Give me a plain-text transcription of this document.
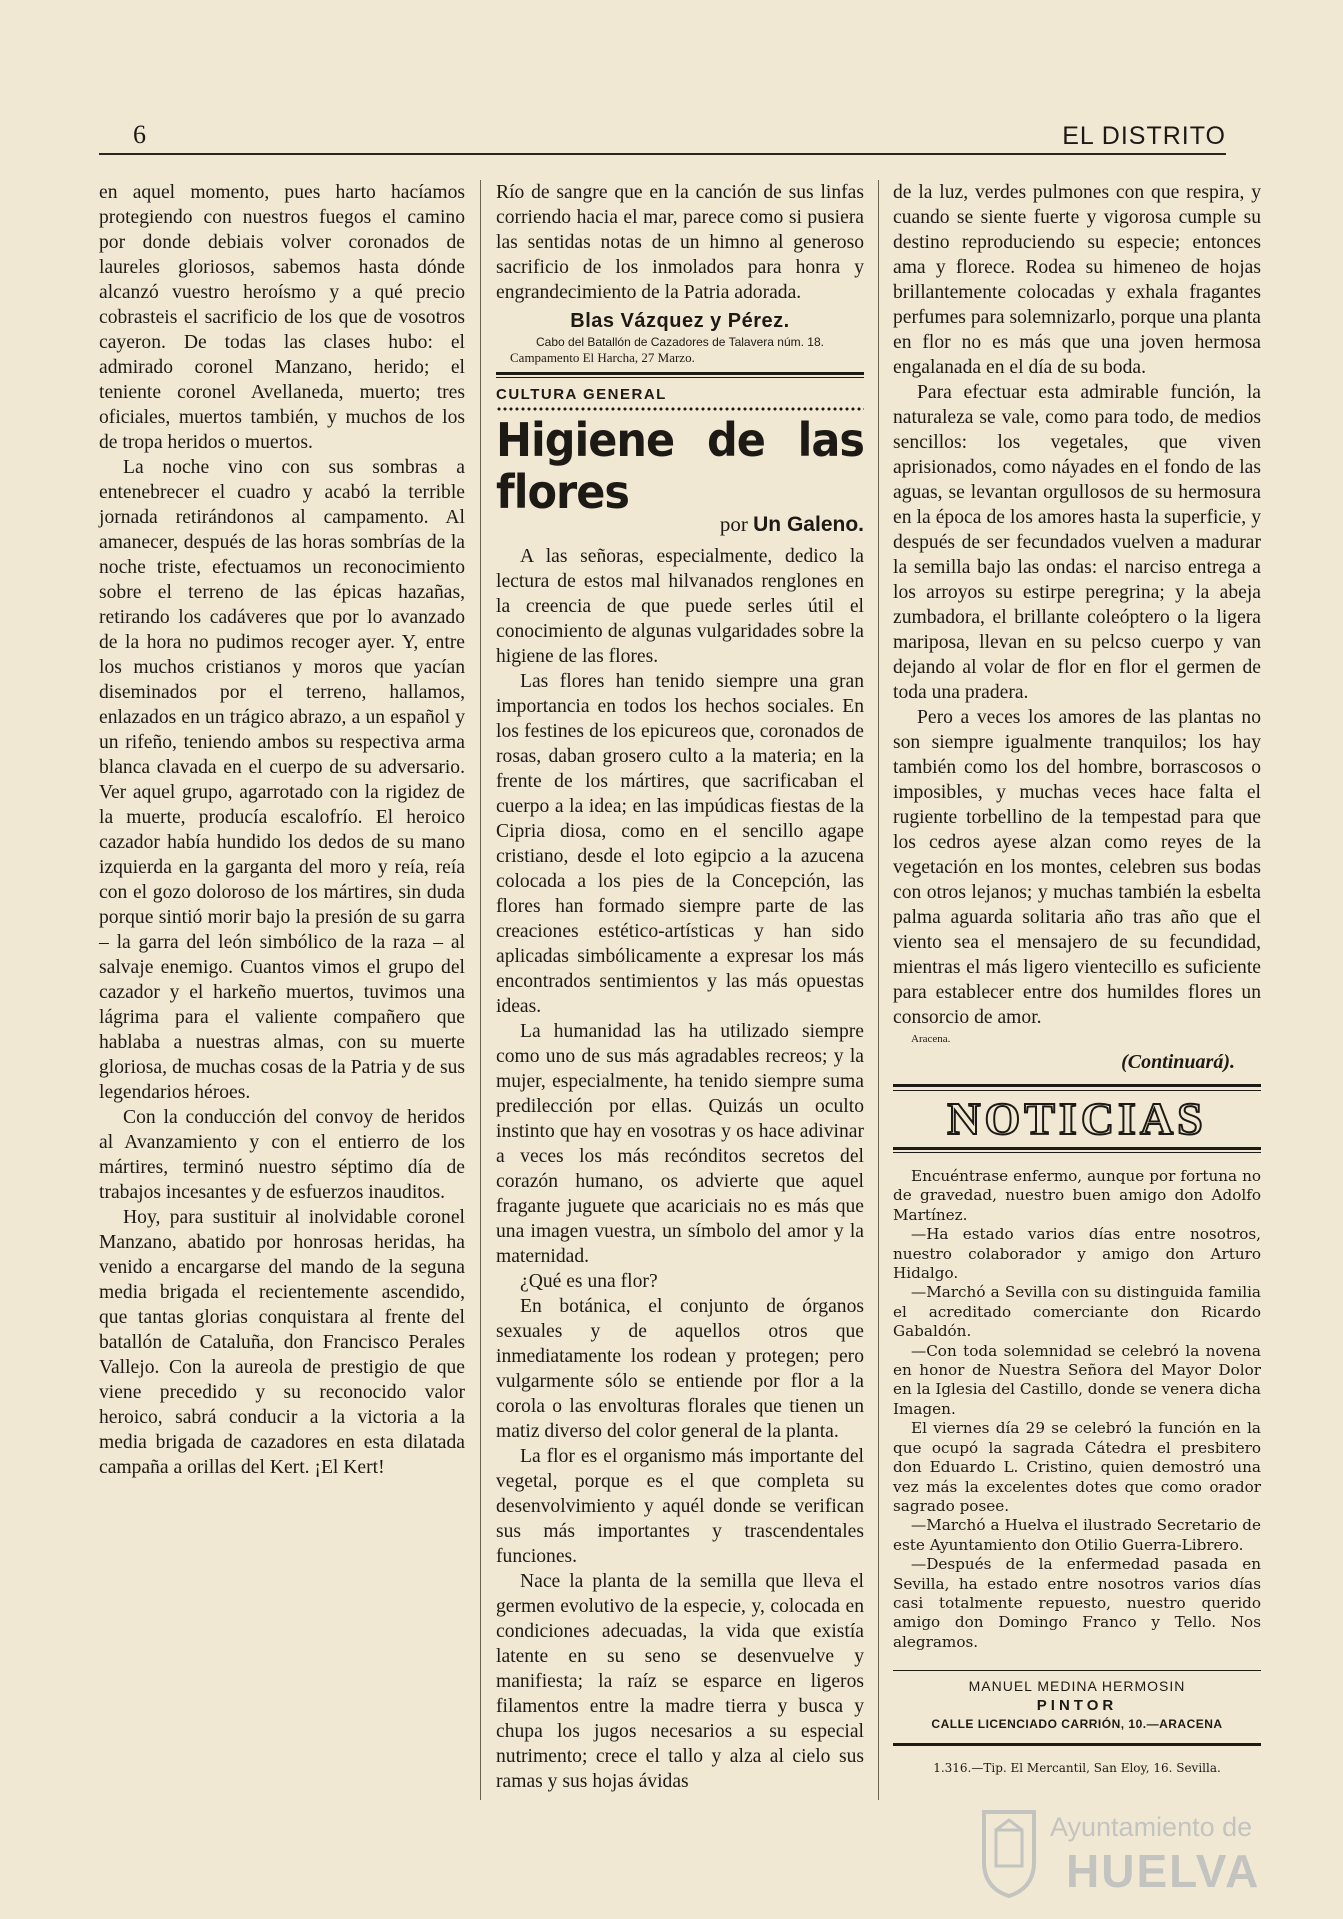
6	EL DISTRITO

en aquel momento, pues harto hacíamos protegiendo con nuestros fuegos el camino por donde debiais volver coronados de laureles gloriosos, sabemos hasta dónde alcanzó vuestro heroísmo y a qué precio cobrasteis el sacrificio de los que de vosotros cayeron. De todas las clases hubo: el admirado coronel Manzano, herido; el teniente coronel Avellaneda, muerto; tres oficiales, muertos también, y muchos de los de tropa heridos o muertos.

La noche vino con sus sombras a entenebrecer el cuadro y acabó la terrible jornada retirándonos al campamento. Al amanecer, después de las horas sombrías de la noche triste, efectuamos un reconocimiento sobre el terreno de las épicas hazañas, retirando los cadáveres que por lo avanzado de la hora no pudimos recoger ayer. Y, entre los muchos cristianos y moros que yacían diseminados por el terreno, hallamos, enlazados en un trágico abrazo, a un español y un rifeño, teniendo ambos su respectiva arma blanca clavada en el cuerpo de su adversario. Ver aquel grupo, agarrotado con la rigidez de la muerte, producía escalofrío. El heroico cazador había hundido los dedos de su mano izquierda en la garganta del moro y reía, reía con el gozo doloroso de los mártires, sin duda porque sintió morir bajo la presión de su garra – la garra del león simbólico de la raza – al salvaje enemigo. Cuantos vimos el grupo del cazador y el harkeño muertos, tuvimos una lágrima para el valiente compañero que hablaba a nuestras almas, con su muerte gloriosa, de muchas cosas de la Patria y de sus legendarios héroes.

Con la conducción del convoy de heridos al Avanzamiento y con el entierro de los mártires, terminó nuestro séptimo día de trabajos incesantes y de esfuerzos inauditos.

Hoy, para sustituir al inolvidable coronel Manzano, abatido por honrosas heridas, ha venido a encargarse del mando de la seguna media brigada el recientemente ascendido, que tantas glorias conquistara al frente del batallón de Cataluña, don Francisco Perales Vallejo. Con la aureola de prestigio de que viene precedido y su reconocido valor heroico, sabrá conducir a la victoria a la media brigada de cazadores en esta dilatada campaña a orillas del Kert. ¡El Kert!

Río de sangre que en la canción de sus linfas corriendo hacia el mar, parece como si pusiera las sentidas notas de un himno al generoso sacrificio de los inmolados para honra y engrandecimiento de la Patria adorada.

Blas Vázquez y Pérez.
Cabo del Batallón de Cazadores de Talavera núm. 18.
Campamento El Harcha, 27 Marzo.
CULTURA GENERAL
Higiene de las flores
por Un Galeno.

A las señoras, especialmente, dedico la lectura de estos mal hilvanados renglones en la creencia de que puede serles útil el conocimiento de algunas vulgaridades sobre la higiene de las flores.

Las flores han tenido siempre una gran importancia en todos los hechos sociales. En los festines de los epicureos que, coronados de rosas, daban grosero culto a la materia; en la frente de los mártires, que sacrificaban el cuerpo a la idea; en las impúdicas fiestas de la Cipria diosa, como en el sencillo agape cristiano, desde el loto egipcio a la azucena colocada a los pies de la Concepción, las flores han formado siempre parte de las creaciones estético-artísticas y han sido aplicadas simbólicamente a expresar los más encontrados sentimientos y las más opuestas ideas.

La humanidad las ha utilizado siempre como uno de sus más agradables recreos; y la mujer, especialmente, ha tenido siempre suma predilección por ellas. Quizás un oculto instinto que hay en vosotras y os hace adivinar a veces los más recónditos secretos del corazón humano, os advierte que aquel fragante juguete que acariciais no es más que una imagen vuestra, un símbolo del amor y la maternidad.

¿Qué es una flor?

En botánica, el conjunto de órganos sexuales y de aquellos otros que inmediatamente los rodean y protegen; pero vulgarmente sólo se entiende por flor a la corola o las envolturas florales que tienen un matiz diverso del color general de la planta.

La flor es el organismo más importante del vegetal, porque es el que completa su desenvolvimiento y aquél donde se verifican sus más importantes y trascendentales funciones.

Nace la planta de la semilla que lleva el germen evolutivo de la especie, y, colocada en condiciones adecuadas, la vida que existía latente en su seno se desenvuelve y manifiesta; la raíz se esparce en ligeros filamentos entre la madre tierra y busca y chupa los jugos necesarios a su especial nutrimento; crece el tallo y alza al cielo sus ramas y sus hojas ávidas

de la luz, verdes pulmones con que respira, y cuando se siente fuerte y vigorosa cumple su destino reproduciendo su especie; entonces ama y florece. Rodea su himeneo de hojas brillantemente colocadas y exhala fragantes perfumes para solemnizarlo, porque una planta en flor no es más que una joven hermosa engalanada en el día de su boda.

Para efectuar esta admirable función, la naturaleza se vale, como para todo, de medios sencillos: los vegetales, que viven aprisionados, como náyades en el fondo de las aguas, se levantan orgullosos de su hermosura en la época de los amores hasta la superficie, y después de ser fecundados vuelven a madurar la semilla bajo las ondas: el narciso entrega a los arroyos su estirpe peregrina; y la abeja zumbadora, el brillante coleóptero o la ligera mariposa, llevan en su pelcso cuerpo y van dejando al volar de flor en flor el germen de toda una pradera.

Pero a veces los amores de las plantas no son siempre igualmente tranquilos; los hay también como los del hombre, borrascosos o imposibles, y muchas veces hace falta el rugiente torbellino de la tempestad para que los cedros ayese alzan como reyes de la vegetación en los montes, celebren sus bodas con otros lejanos; y muchas también la esbelta palma aguarda solitaria año tras año que el viento sea el mensajero de su fecundidad, mientras el más ligero vientecillo es suficiente para establecer entre dos humildes flores un consorcio de amor.

Aracena.
(Continuará).
NOTICIAS

Encuéntrase enfermo, aunque por fortuna no de gravedad, nuestro buen amigo don Adolfo Martínez.

—Ha estado varios días entre nosotros, nuestro colaborador y amigo don Arturo Hidalgo.

—Marchó a Sevilla con su distinguida familia el acreditado comerciante don Ricardo Gabaldón.

—Con toda solemnidad se celebró la novena en honor de Nuestra Señora del Mayor Dolor en la Iglesia del Castillo, donde se venera dicha Imagen.

El viernes día 29 se celebró la función en la que ocupó la sagrada Cátedra el presbitero don Eduardo L. Cristino, quien demostró una vez más la excelentes dotes que como orador sagrado posee.

—Marchó a Huelva el ilustrado Secretario de este Ayuntamiento don Otilio Guerra-Librero.

—Después de la enfermedad pasada en Sevilla, ha estado entre nosotros varios días casi totalmente repuesto, nuestro querido amigo don Domingo Franco y Tello. Nos alegramos.

MANUEL MEDINA HERMOSIN
PINTOR
CALLE LICENCIADO CARRIÓN, 10.—ARACENA
1.316.—Tip. El Mercantil, San Eloy, 16. Sevilla.
Ayuntamiento de
HUELVA
